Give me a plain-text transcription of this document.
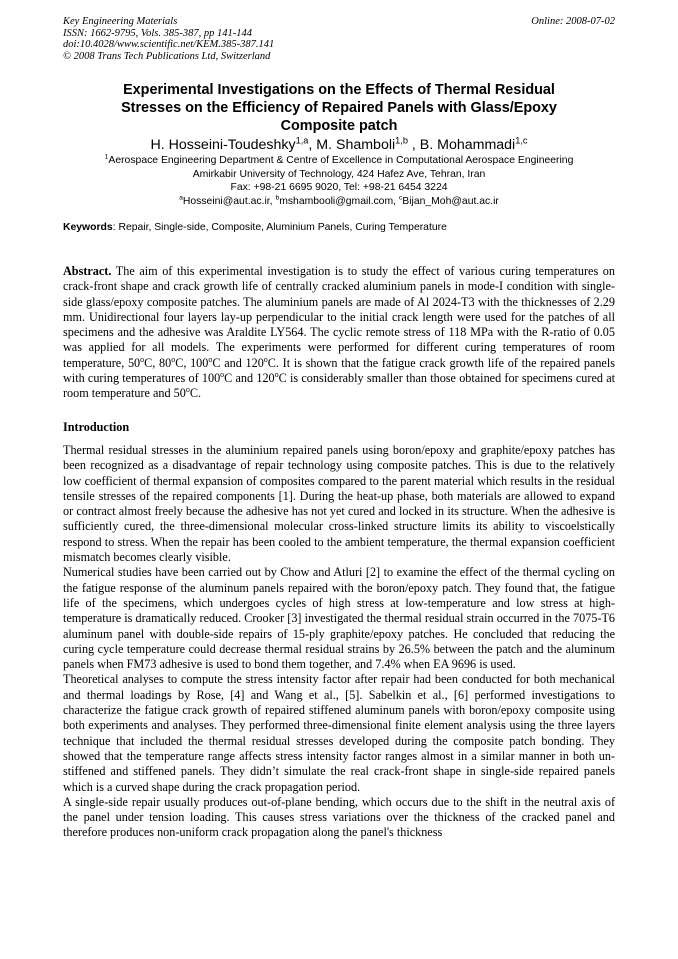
Key Engineering Materials
ISSN: 1662-9795, Vols. 385-387, pp 141-144
doi:10.4028/www.scientific.net/KEM.385-387.141
© 2008 Trans Tech Publications Ltd, Switzerland
Online: 2008-07-02
Experimental Investigations on the Effects of Thermal Residual
Stresses on the Efficiency of Repaired Panels with Glass/Epoxy
Composite patch
H. Hosseini-Toudeshky$^{1,a}$, M. Shamboli$^{1,b}$ , B. Mohammadi$^{1,c}$
$^1$Aerospace Engineering Department & Centre of Excellence in Computational Aerospace Engineering
Amirkabir University of Technology, 424 Hafez Ave, Tehran, Iran
Fax: +98-21 6695 9020, Tel: +98-21 6454 3224
$^a$Hosseini@aut.ac.ir, $^b$mshambooli@gmail.com, $^c$Bijan_Moh@aut.ac.ir
Keywords: Repair, Single-side, Composite, Aluminium Panels, Curing Temperature
Abstract. The aim of this experimental investigation is to study the effect of various curing temperatures on crack-front shape and crack growth life of centrally cracked aluminium panels in mode-I condition with single-side glass/epoxy composite patches. The aluminium panels are made of Al 2024-T3 with the thicknesses of 2.29 mm. Unidirectional four layers lay-up perpendicular to the initial crack length were used for the patches of all specimens and the adhesive was Araldite LY564. The cyclic remote stress of 118 MPa with the R-ratio of 0.05 was applied for all models. The experiments were performed for different curing temperatures of room temperature, 50$^o$C, 80$^o$C, 100$^o$C and 120$^o$C. It is shown that the fatigue crack growth life of the repaired panels with curing temperatures of 100$^o$C and 120$^o$C is considerably smaller than those obtained for specimens cured at room temperature and 50$^o$C.
Introduction

Thermal residual stresses in the aluminium repaired panels using boron/epoxy and graphite/epoxy patches has been recognized as a disadvantage of repair technology using composite patches. This is due to the relatively low coefficient of thermal expansion of composites compared to the parent material which results in the residual tensile stresses of the repaired components [1]. During the heat-up phase, both materials are allowed to expand or contract almost freely because the adhesive has not yet cured and locked in its structure. When the adhesive is sufficiently cured, the three-dimensional molecular cross-linked structure limits its ability to viscoelstically respond to stress. When the repair has been cooled to the ambient temperature, the thermal expansion coefficient mismatch becomes clearly visible.

Numerical studies have been carried out by Chow and Atluri [2] to examine the effect of the thermal cycling on the fatigue response of the aluminum panels repaired with the boron/epoxy patch. They found that, the fatigue life of the specimens, which undergoes cycles of high stress at low-temperature and low stress at high-temperature is dramatically reduced. Crooker [3] investigated the thermal residual strain occurred in the 7075-T6 aluminum panel with double-side repairs of 15-ply graphite/epoxy patches. He concluded that reducing the curing cycle temperature could decrease thermal residual strains by 26.5% between the patch and the aluminum panels when FM73 adhesive is used to bond them together, and 7.4% when EA 9696 is used.

Theoretical analyses to compute the stress intensity factor after repair had been conducted for both mechanical and thermal loadings by Rose, [4] and Wang et al., [5]. Sabelkin et al., [6] performed investigations to characterize the fatigue crack growth of repaired stiffened aluminum panels with boron/epoxy composite using both experiments and analyses. They performed three-dimensional finite element analysis using the three layers technique that included the thermal residual stresses developed during the composite patch bonding. They showed that the temperature range affects stress intensity factor ranges almost in a similar manner in both un-stiffened and stiffened panels. They didn’t simulate the real crack-front shape in single-side repaired panels which is a curved shape during the crack propagation period.

A single-side repair usually produces out-of-plane bending, which occurs due to the shift in the neutral axis of the panel under tension loading. This causes stress variations over the thickness of the cracked panel and therefore produces non-uniform crack propagation along the panel's thickness
